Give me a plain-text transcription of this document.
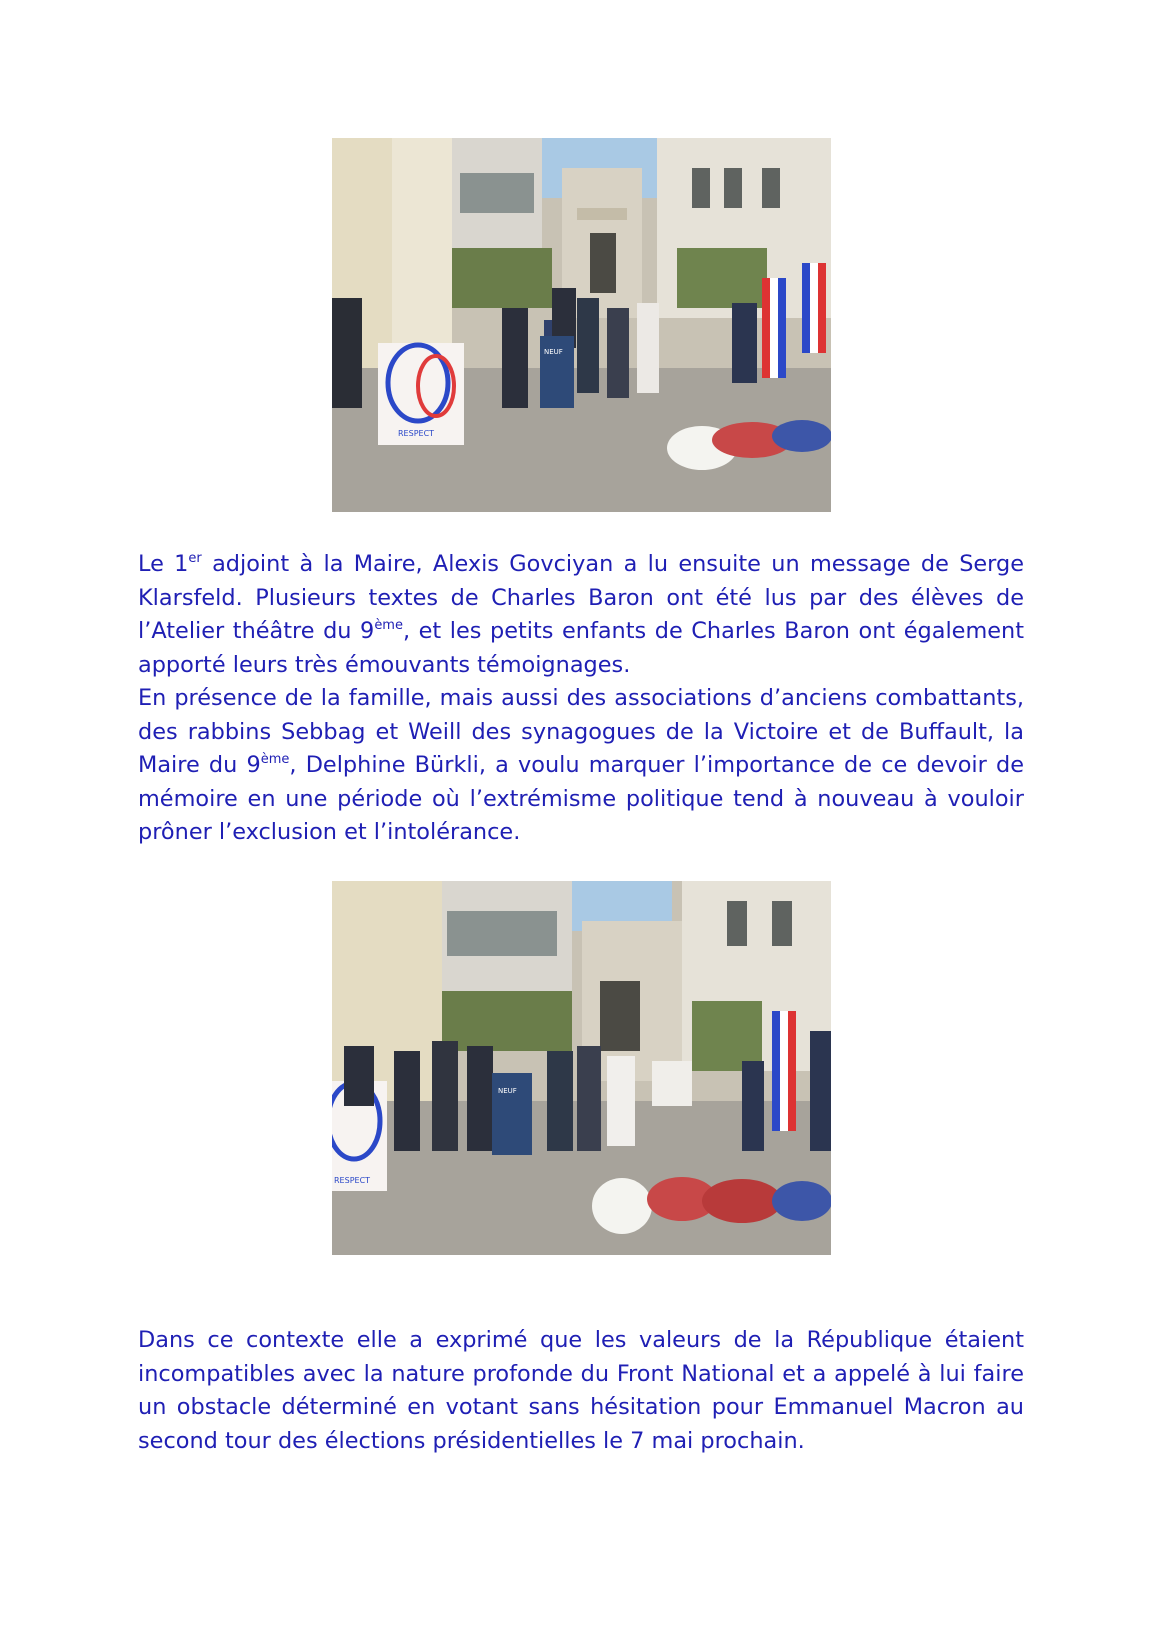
NEUF
RESPECT
Le 1er adjoint à la Maire, Alexis Govciyan a lu ensuite un message de Serge Klarsfeld. Plusieurs textes de Charles Baron ont été lus par des élèves de l’Atelier théâtre du 9ème, et les petits enfants de Charles Baron ont également apporté leurs très émouvants témoignages.
En présence de la famille, mais aussi des associations d’anciens combattants, des rabbins Sebbag et Weill des synagogues de la Victoire et de Buffault, la Maire du 9ème, Delphine Bürkli, a voulu marquer l’importance de ce devoir de mémoire en une période où l’extrémisme politique tend à nouveau à vouloir prôner l’exclusion et l’intolérance.
NEUF
RESPECT
Dans ce contexte elle a exprimé que les valeurs de la République étaient incompatibles avec la nature profonde du Front National et a appelé à lui faire un obstacle déterminé en votant sans hésitation pour Emmanuel Macron au second tour des élections présidentielles le 7 mai prochain.
